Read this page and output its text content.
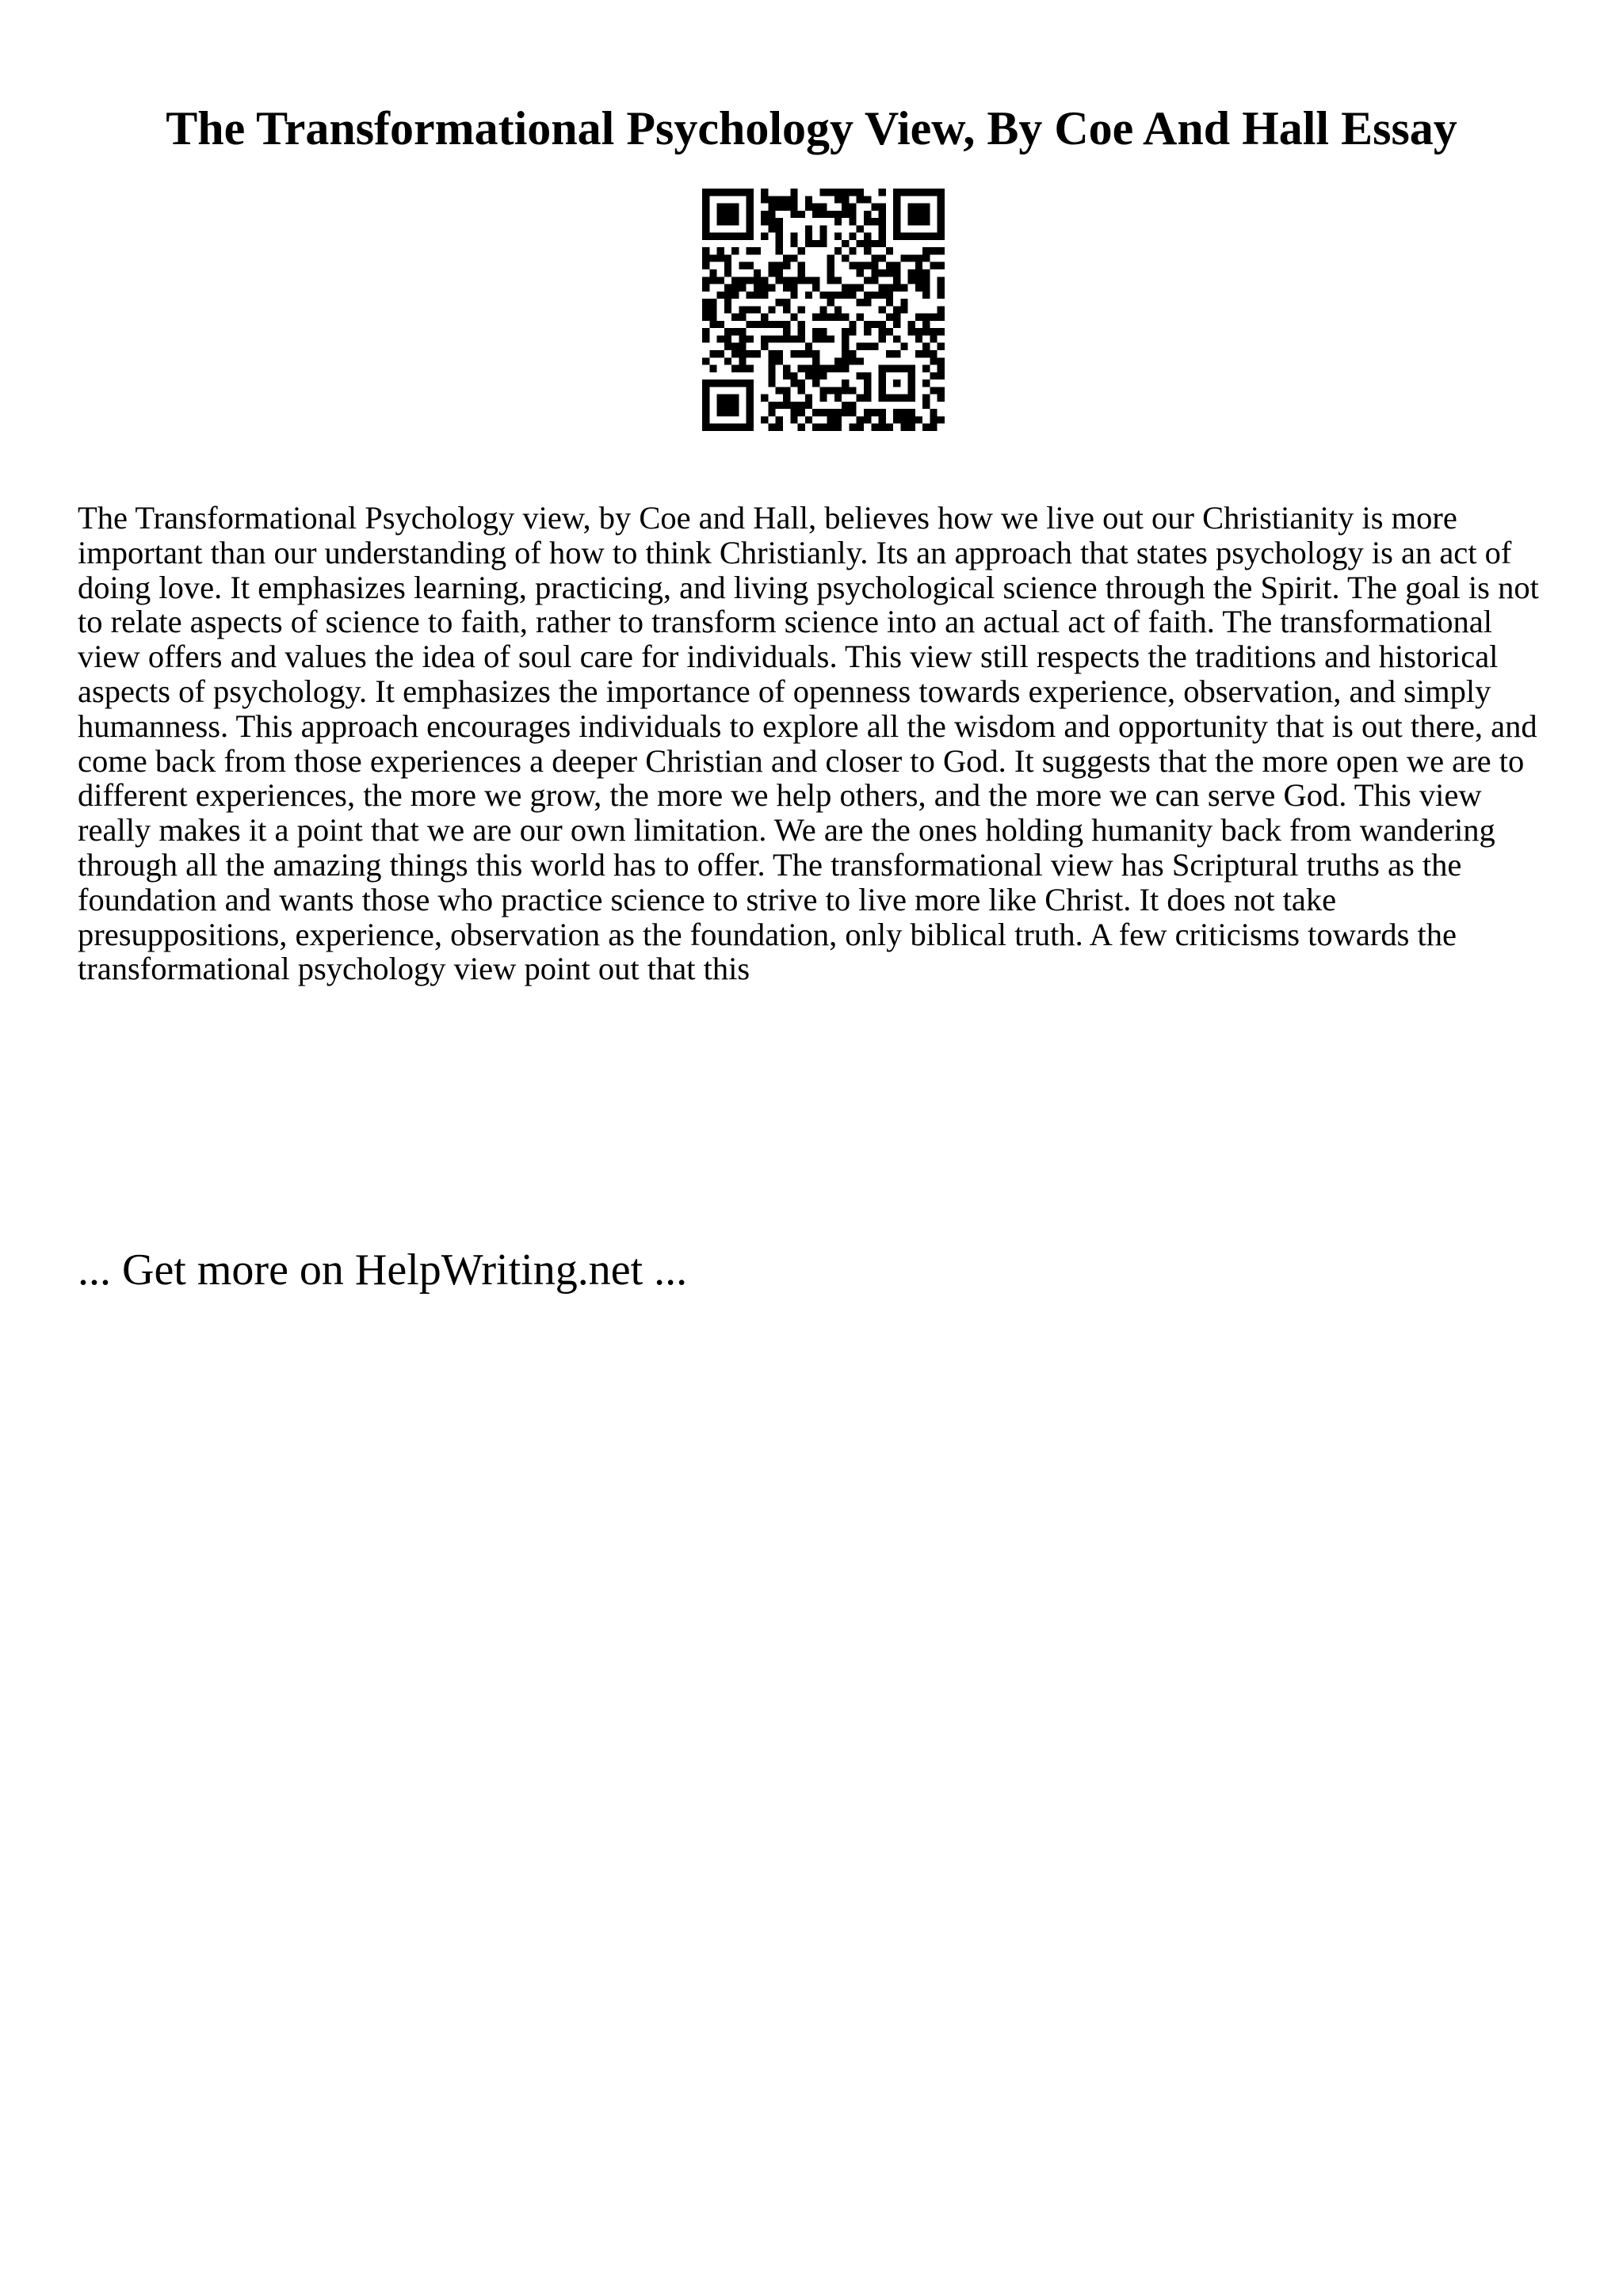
The Transformational Psychology View, By Coe And Hall Essay

The Transformational Psychology view, by Coe and Hall, believes how we live out our Christianity is more important than our understanding of how to think Christianly. Its an approach that states psychology is an act of doing love. It emphasizes learning, practicing, and living psychological science through the Spirit. The goal is not to relate aspects of science to faith, rather to transform science into an actual act of faith. The transformational view offers and values the idea of soul care for individuals. This view still respects the traditions and historical aspects of psychology. It emphasizes the importance of openness towards experience, observation, and simply humanness. This approach encourages individuals to explore all the wisdom and opportunity that is out there, and come back from those experiences a deeper Christian and closer to God. It suggests that the more open we are to different experiences, the more we grow, the more we help others, and the more we can serve God. This view really makes it a point that we are our own limitation. We are the ones holding humanity back from wandering through all the amazing things this world has to offer. The transformational view has Scriptural truths as the foundation and wants those who practice science to strive to live more like Christ. It does not take presuppositions, experience, observation as the foundation, only biblical truth. A few criticisms towards the transformational psychology view point out that this

... Get more on HelpWriting.net ...
